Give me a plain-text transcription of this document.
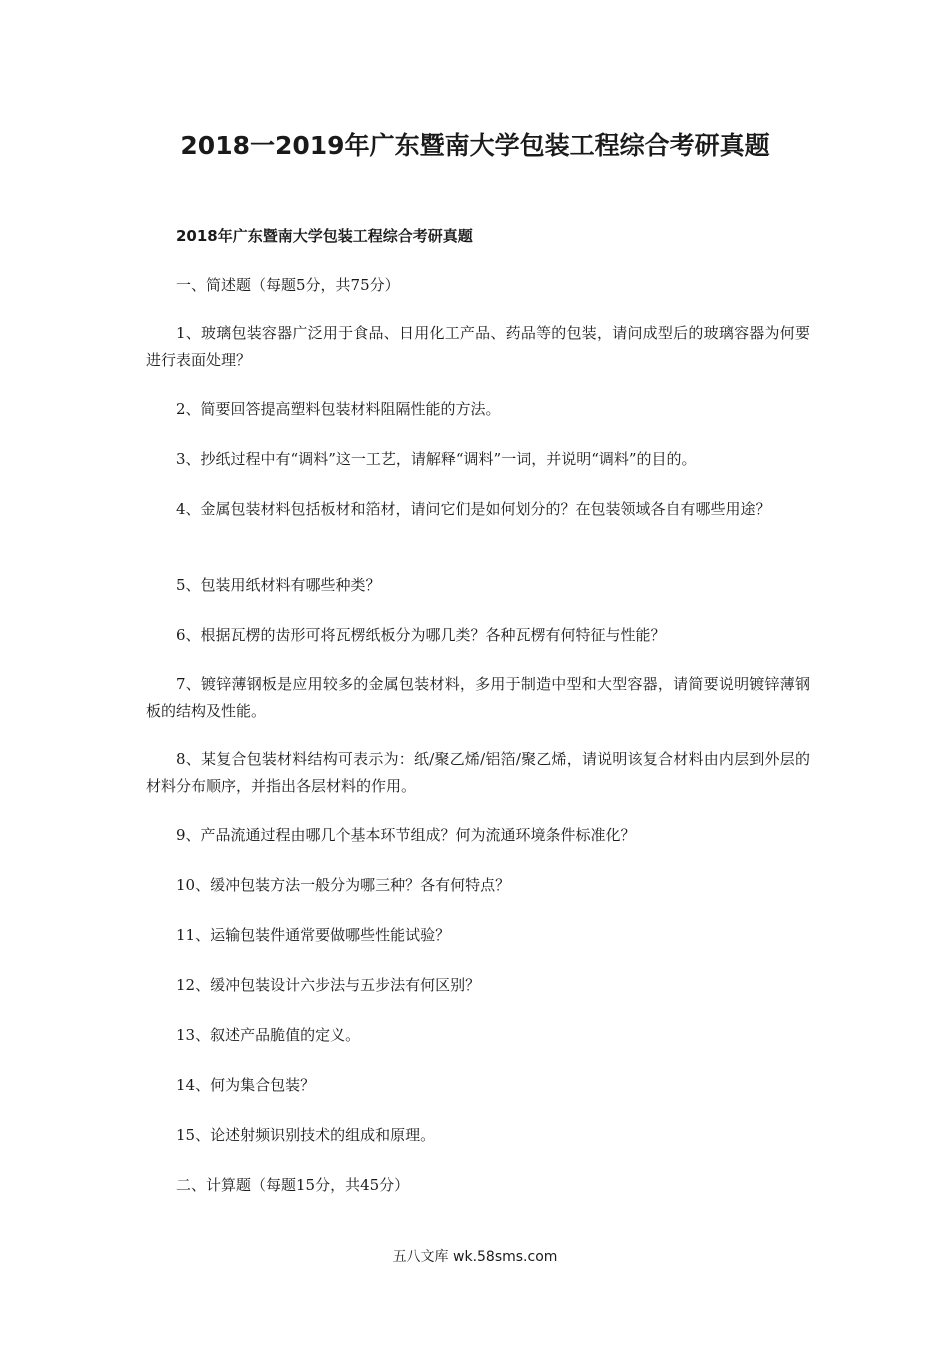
2018一2019年广东暨南大学包装工程综合考研真题

2018年广东暨南大学包装工程综合考研真题

一、简述题（每题5分，共75分）

1、玻璃包装容器广泛用于食品、日用化工产品、药品等的包装，请问成型后的玻璃容器为何要进行表面处理？

2、简要回答提高塑料包装材料阻隔性能的方法。

3、抄纸过程中有“调料”这一工艺，请解释“调料”一词，并说明“调料”的目的。

4、金属包装材料包括板材和箔材，请问它们是如何划分的？在包装领域各自有哪些用途？

5、包装用纸材料有哪些种类？

6、根据瓦楞的齿形可将瓦楞纸板分为哪几类？各种瓦楞有何特征与性能？

7、镀锌薄钢板是应用较多的金属包装材料，多用于制造中型和大型容器，请简要说明镀锌薄钢板的结构及性能。

8、某复合包装材料结构可表示为：纸/聚乙烯/铝箔/聚乙烯，请说明该复合材料由内层到外层的材料分布顺序，并指出各层材料的作用。

9、产品流通过程由哪几个基本环节组成？何为流通环境条件标准化？

10、缓冲包装方法一般分为哪三种？各有何特点？

11、运输包装件通常要做哪些性能试验？

12、缓冲包装设计六步法与五步法有何区别？

13、叙述产品脆值的定义。

14、何为集合包装？

15、论述射频识别技术的组成和原理。

二、计算题（每题15分，共45分）

五八文库 wk.58sms.com
